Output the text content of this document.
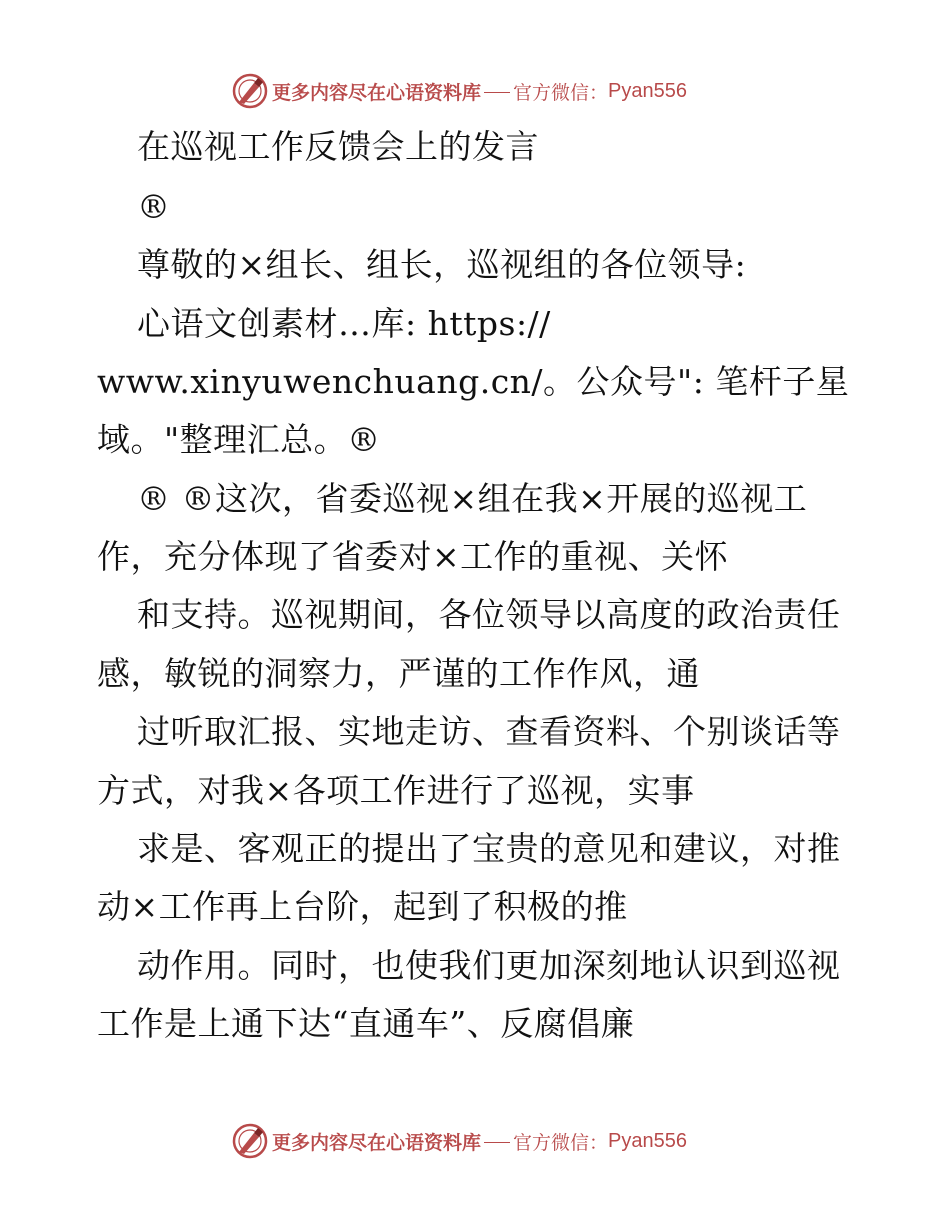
更多内容尽在心语资料库 官方微信： Pyan556
在巡视工作反馈会上的发言
®
尊敬的×组长、组长，巡视组的各位领导:
心语文创素材…库: https://
www.xinyuwenchuang.cn/。公众号": 笔杆子星
域。"整理汇总。®
® ®这次，省委巡视×组在我×开展的巡视工
作，充分体现了省委对×工作的重视、关怀
和支持。巡视期间，各位领导以高度的政治责任
感，敏锐的洞察力，严谨的工作作风，通
过听取汇报、实地走访、查看资料、个别谈话等
方式，对我×各项工作进行了巡视，实事
求是、客观正的提出了宝贵的意见和建议，对推
动×工作再上台阶，起到了积极的推
动作用。同时，也使我们更加深刻地认识到巡视
工作是上通下达“直通车”、反腐倡廉
更多内容尽在心语资料库 官方微信： Pyan556
